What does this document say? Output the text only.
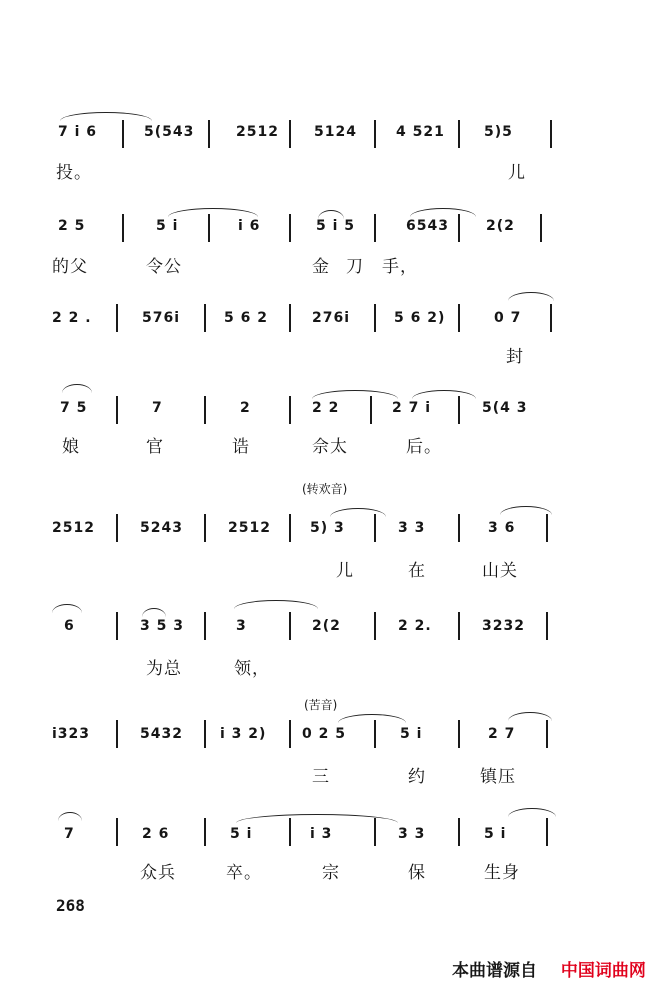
7 i 6	5(543	2512	5124	4 521	5)5
投。	儿
2 5	5 i	i 6	5 i 5	6543	2(2
的父	令公	金 刀 手，
2 2 .	576i	5 6 2	276i	5 6 2)	0 7
封
7 5	7	2	2 2	2 7 i	5(4 3
娘	官	诰	佘太	后。
(转欢音)
2512	5243	2512	5) 3	3 3	3 6
儿	在	山关
6	3 5 3	3	2(2	2 2.	3232
为总	领，
(苦音)
i323	5432	i 3 2)	0 2 5	5 i	2 7
三	约	镇压
7	2 6	5 i	i 3	3 3	5 i
众兵	卒。	宗	保	生身
268
本曲谱源自 中国词曲网
